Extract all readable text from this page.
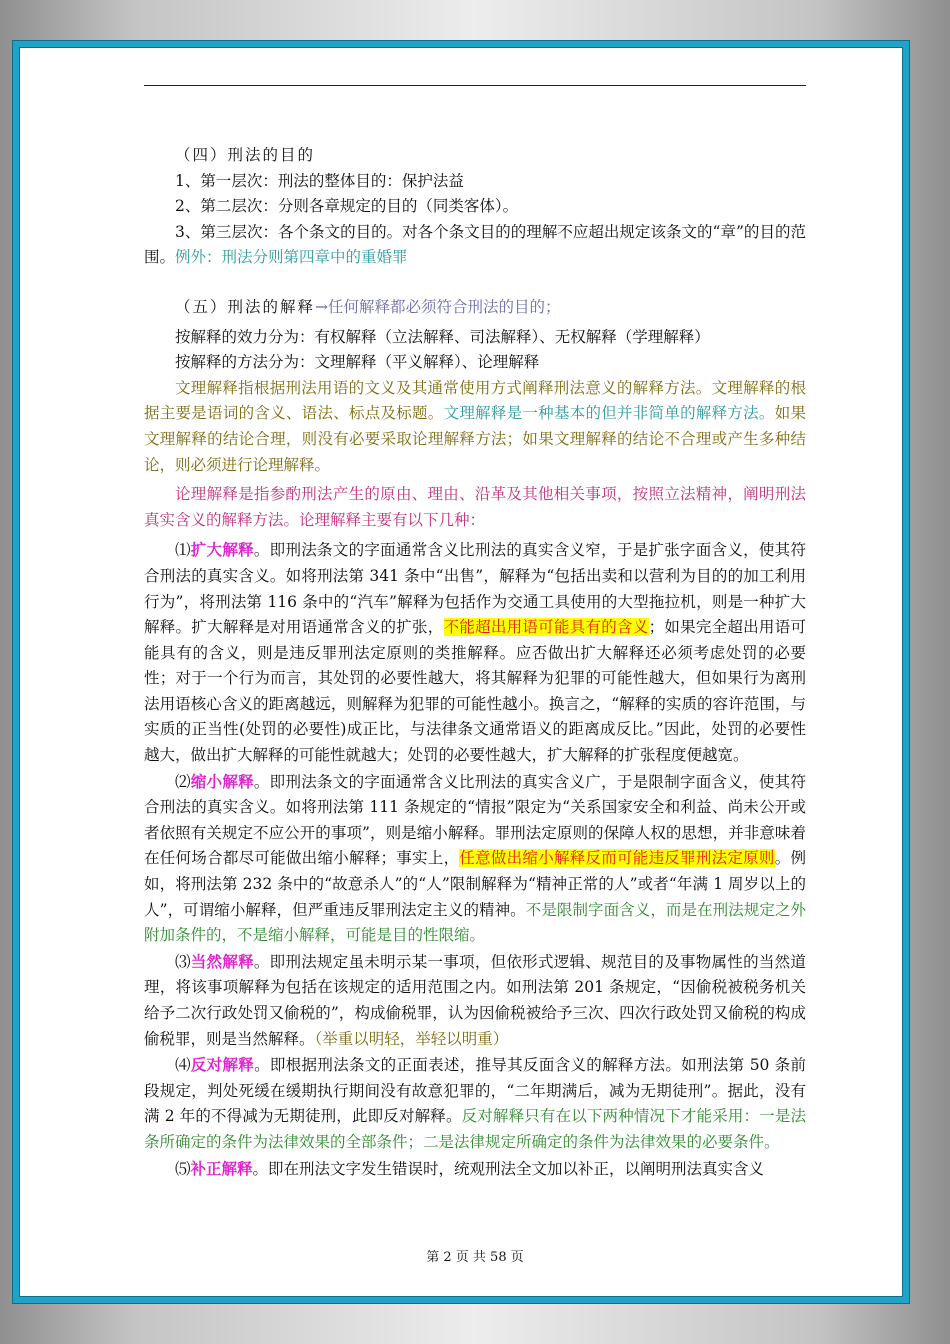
（四）刑法的目的

1、第一层次：刑法的整体目的：保护法益

2、第二层次：分则各章规定的目的（同类客体）。

3、第三层次：各个条文的目的。对各个条文目的的理解不应超出规定该条文的“章”的目的范围。例外：刑法分则第四章中的重婚罪

（五）刑法的解释→任何解释都必须符合刑法的目的；

按解释的效力分为：有权解释（立法解释、司法解释）、无权解释（学理解释）

按解释的方法分为：文理解释（平义解释）、论理解释

文理解释指根据刑法用语的文义及其通常使用方式阐释刑法意义的解释方法。文理解释的根据主要是语词的含义、语法、标点及标题。文理解释是一种基本的但并非简单的解释方法。如果文理解释的结论合理，则没有必要采取论理解释方法；如果文理解释的结论不合理或产生多种结论，则必须进行论理解释。

论理解释是指参酌刑法产生的原由、理由、沿革及其他相关事项，按照立法精神，阐明刑法真实含义的解释方法。论理解释主要有以下几种：

⑴扩大解释。即刑法条文的字面通常含义比刑法的真实含义窄，于是扩张字面含义，使其符合刑法的真实含义。如将刑法第 341 条中“出售”，解释为“包括出卖和以营利为目的的加工利用行为”，将刑法第 116 条中的“汽车”解释为包括作为交通工具使用的大型拖拉机，则是一种扩大解释。扩大解释是对用语通常含义的扩张，不能超出用语可能具有的含义；如果完全超出用语可能具有的含义，则是违反罪刑法定原则的类推解释。应否做出扩大解释还必须考虑处罚的必要性；对于一个行为而言，其处罚的必要性越大，将其解释为犯罪的可能性越大，但如果行为离刑法用语核心含义的距离越远，则解释为犯罪的可能性越小。换言之，“解释的实质的容许范围，与实质的正当性(处罚的必要性)成正比，与法律条文通常语义的距离成反比。”因此，处罚的必要性越大，做出扩大解释的可能性就越大；处罚的必要性越大，扩大解释的扩张程度便越宽。

⑵缩小解释。即刑法条文的字面通常含义比刑法的真实含义广，于是限制字面含义，使其符合刑法的真实含义。如将刑法第 111 条规定的“情报”限定为“关系国家安全和利益、尚未公开或者依照有关规定不应公开的事项”，则是缩小解释。罪刑法定原则的保障人权的思想，并非意味着在任何场合都尽可能做出缩小解释；事实上，任意做出缩小解释反而可能违反罪刑法定原则。例如，将刑法第 232 条中的“故意杀人”的“人”限制解释为“精神正常的人”或者“年满 1 周岁以上的人”，可谓缩小解释，但严重违反罪刑法定主义的精神。不是限制字面含义，而是在刑法规定之外附加条件的，不是缩小解释，可能是目的性限缩。

⑶当然解释。即刑法规定虽未明示某一事项，但依形式逻辑、规范目的及事物属性的当然道理，将该事项解释为包括在该规定的适用范围之内。如刑法第 201 条规定，“因偷税被税务机关给予二次行政处罚又偷税的”，构成偷税罪，认为因偷税被给予三次、四次行政处罚又偷税的构成偷税罪，则是当然解释。（举重以明轻，举轻以明重）

⑷反对解释。即根据刑法条文的正面表述，推导其反面含义的解释方法。如刑法第 50 条前段规定，判处死缓在缓期执行期间没有故意犯罪的，“二年期满后，减为无期徒刑”。据此，没有满 2 年的不得减为无期徒刑，此即反对解释。反对解释只有在以下两种情况下才能采用：一是法条所确定的条件为法律效果的全部条件；二是法律规定所确定的条件为法律效果的必要条件。

⑸补正解释。即在刑法文字发生错误时，统观刑法全文加以补正，以阐明刑法真实含义

第 2 页 共 58 页
